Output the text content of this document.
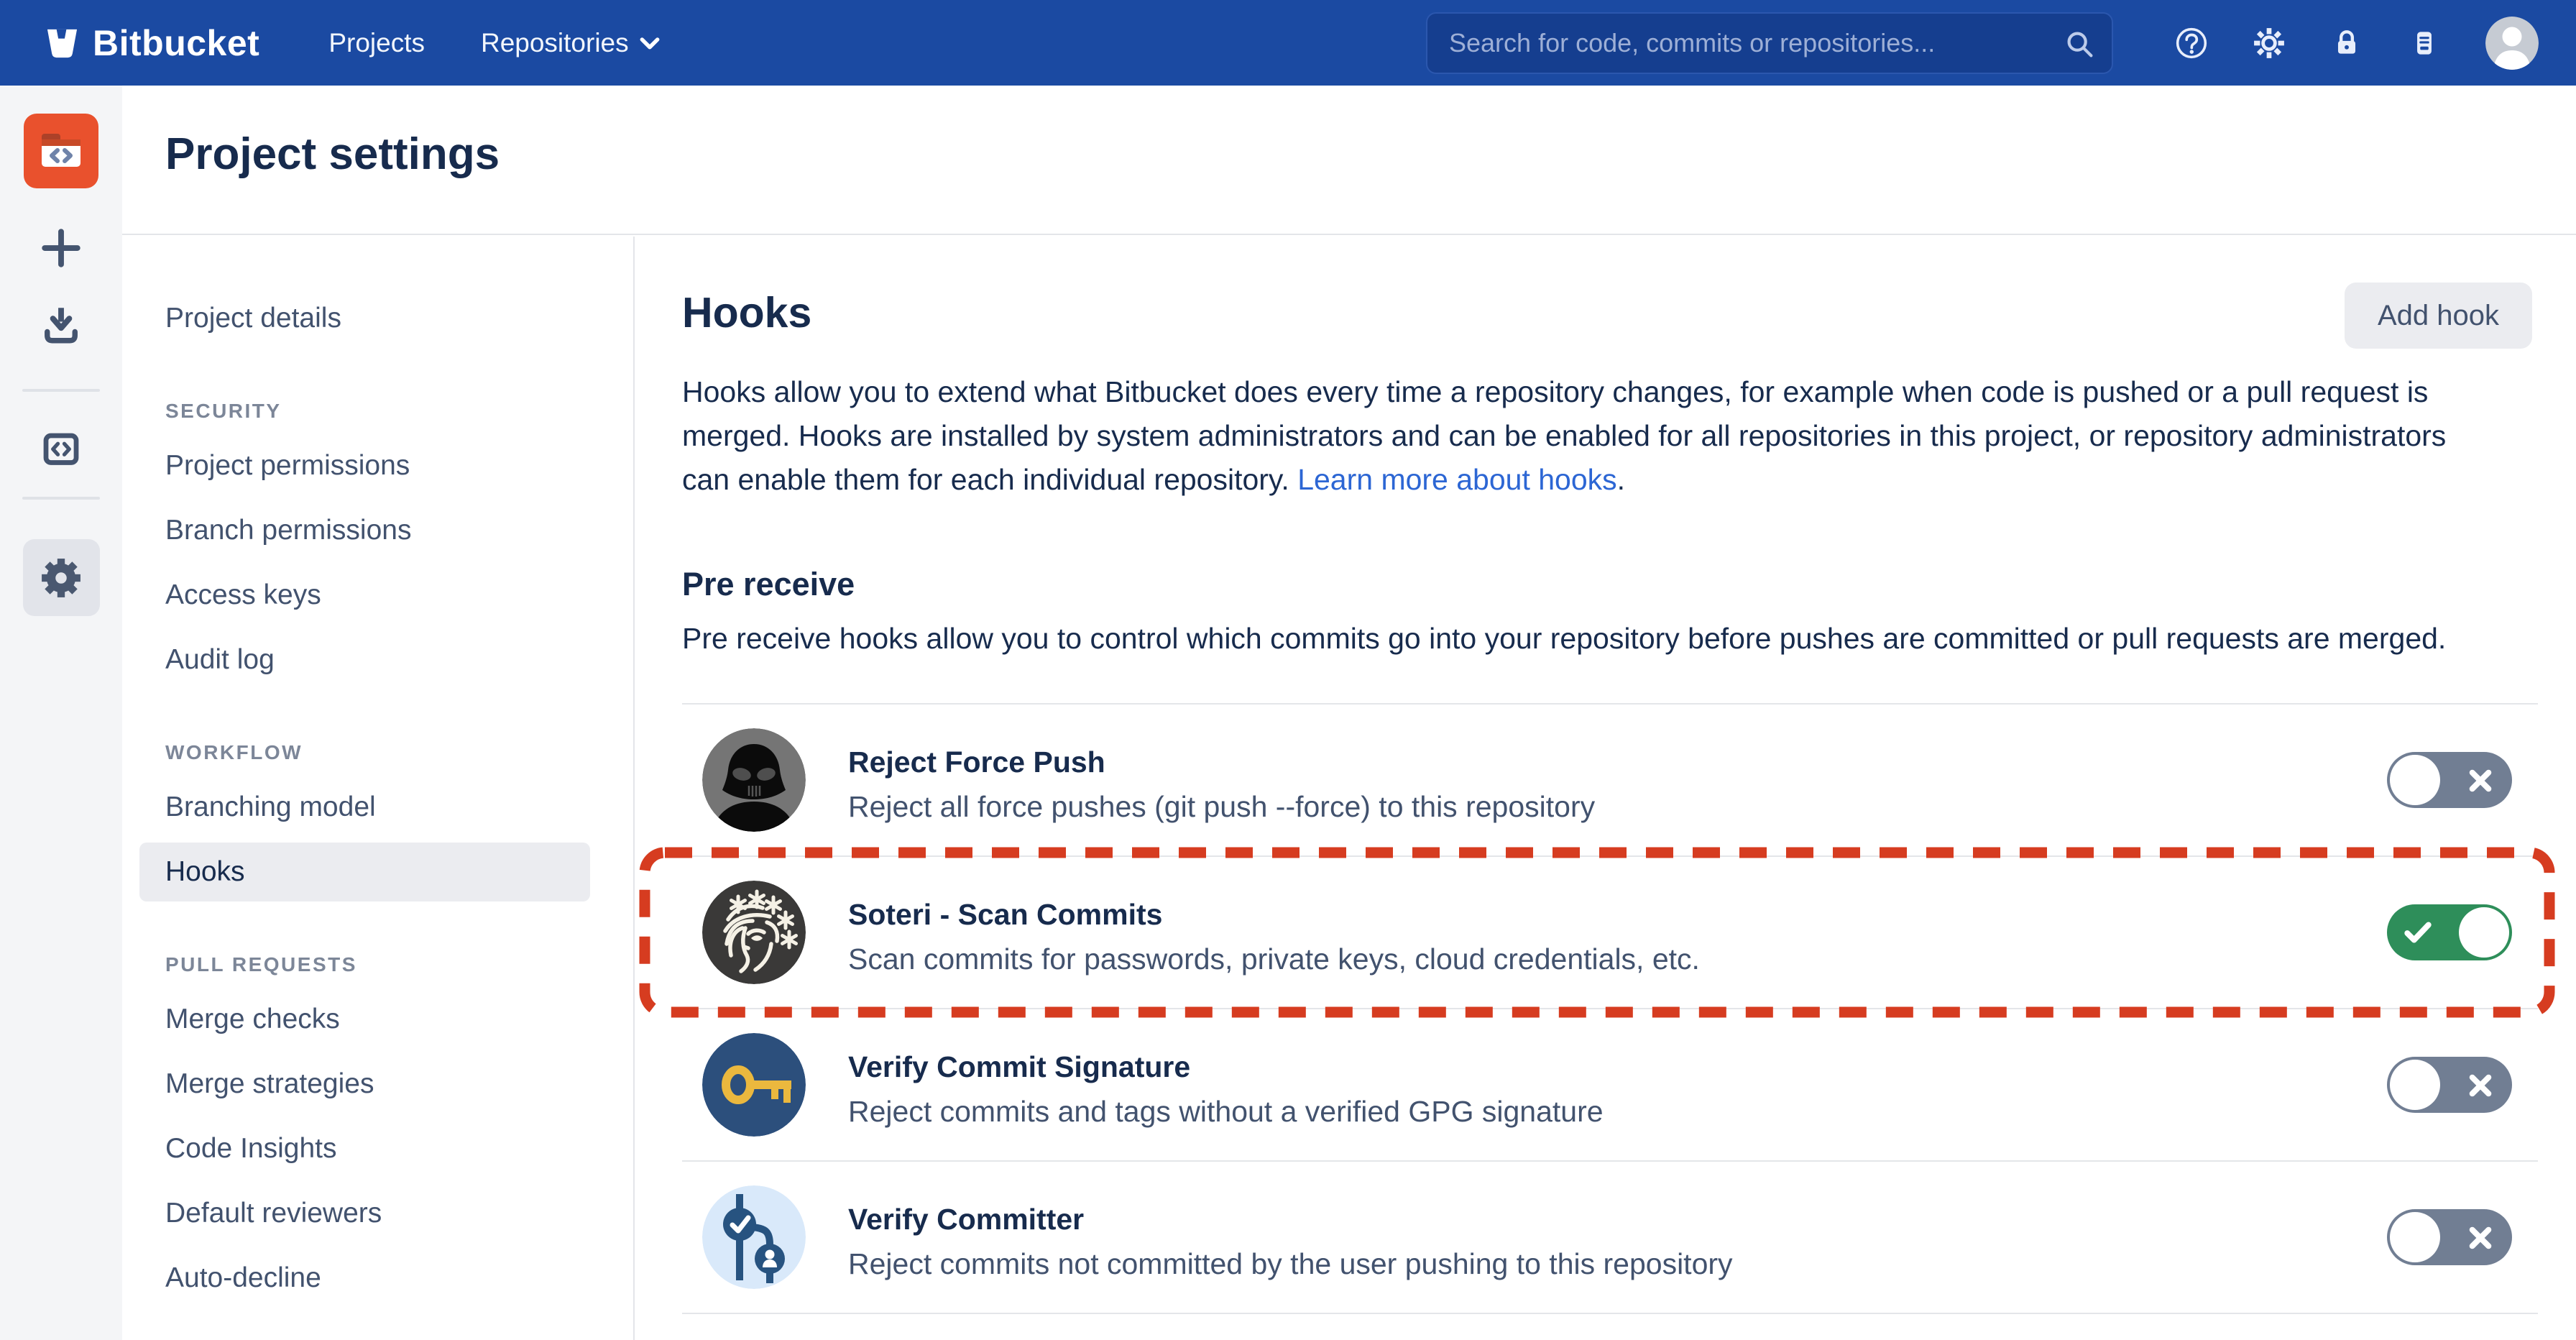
Bitbucket	Projects Repositories
Search for code, commits or repositories...
Project settings
Project details
SECURITY
Project permissions
Branch permissions
Access keys
Audit log
WORKFLOW
Branching model
Hooks
PULL REQUESTS
Merge checks
Merge strategies
Code Insights
Default reviewers
Auto-decline
Hooks	Add hook

Hooks allow you to extend what Bitbucket does every time a repository changes, for example when code is pushed or a pull request is merged. Hooks are installed by system administrators and can be enabled for all repositories in this project, or repository administrators can enable them for each individual repository. Learn more about hooks.

Pre receive

Pre receive hooks allow you to control which commits go into your repository before pushes are committed or pull requests are merged.

Reject Force Push
Reject all force pushes (git push --force) to this repository
Soteri - Scan Commits
Scan commits for passwords, private keys, cloud credentials, etc.
Verify Commit Signature
Reject commits and tags without a verified GPG signature
Verify Committer
Reject commits not committed by the user pushing to this repository
